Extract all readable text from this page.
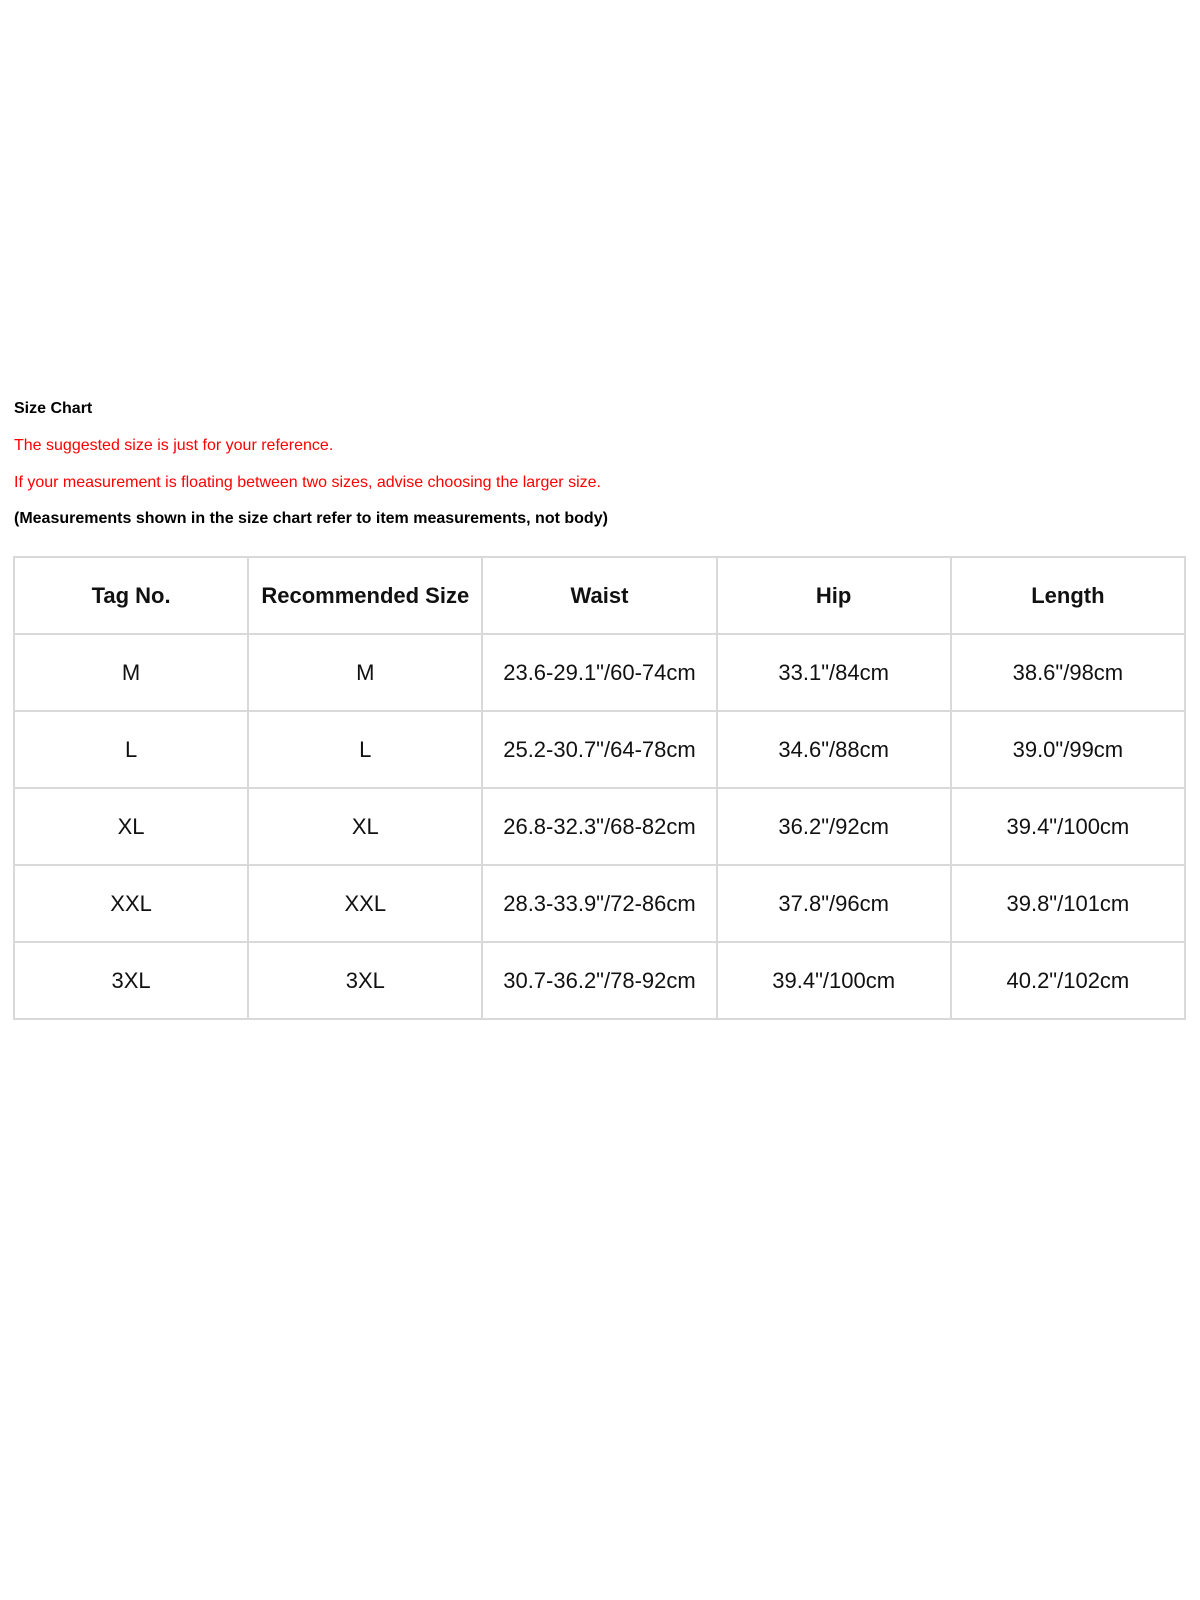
Size Chart
The suggested size is just for your reference.
If your measurement is floating between two sizes, advise choosing the larger size.
(Measurements shown in the size chart refer to item measurements, not body)
Tag No.	Recommended Size	Waist	Hip	Length
M	M	23.6-29.1"/60-74cm	33.1"/84cm	38.6"/98cm
L	L	25.2-30.7"/64-78cm	34.6"/88cm	39.0"/99cm
XL	XL	26.8-32.3"/68-82cm	36.2"/92cm	39.4"/100cm
XXL	XXL	28.3-33.9"/72-86cm	37.8"/96cm	39.8"/101cm
3XL	3XL	30.7-36.2"/78-92cm	39.4"/100cm	40.2"/102cm
